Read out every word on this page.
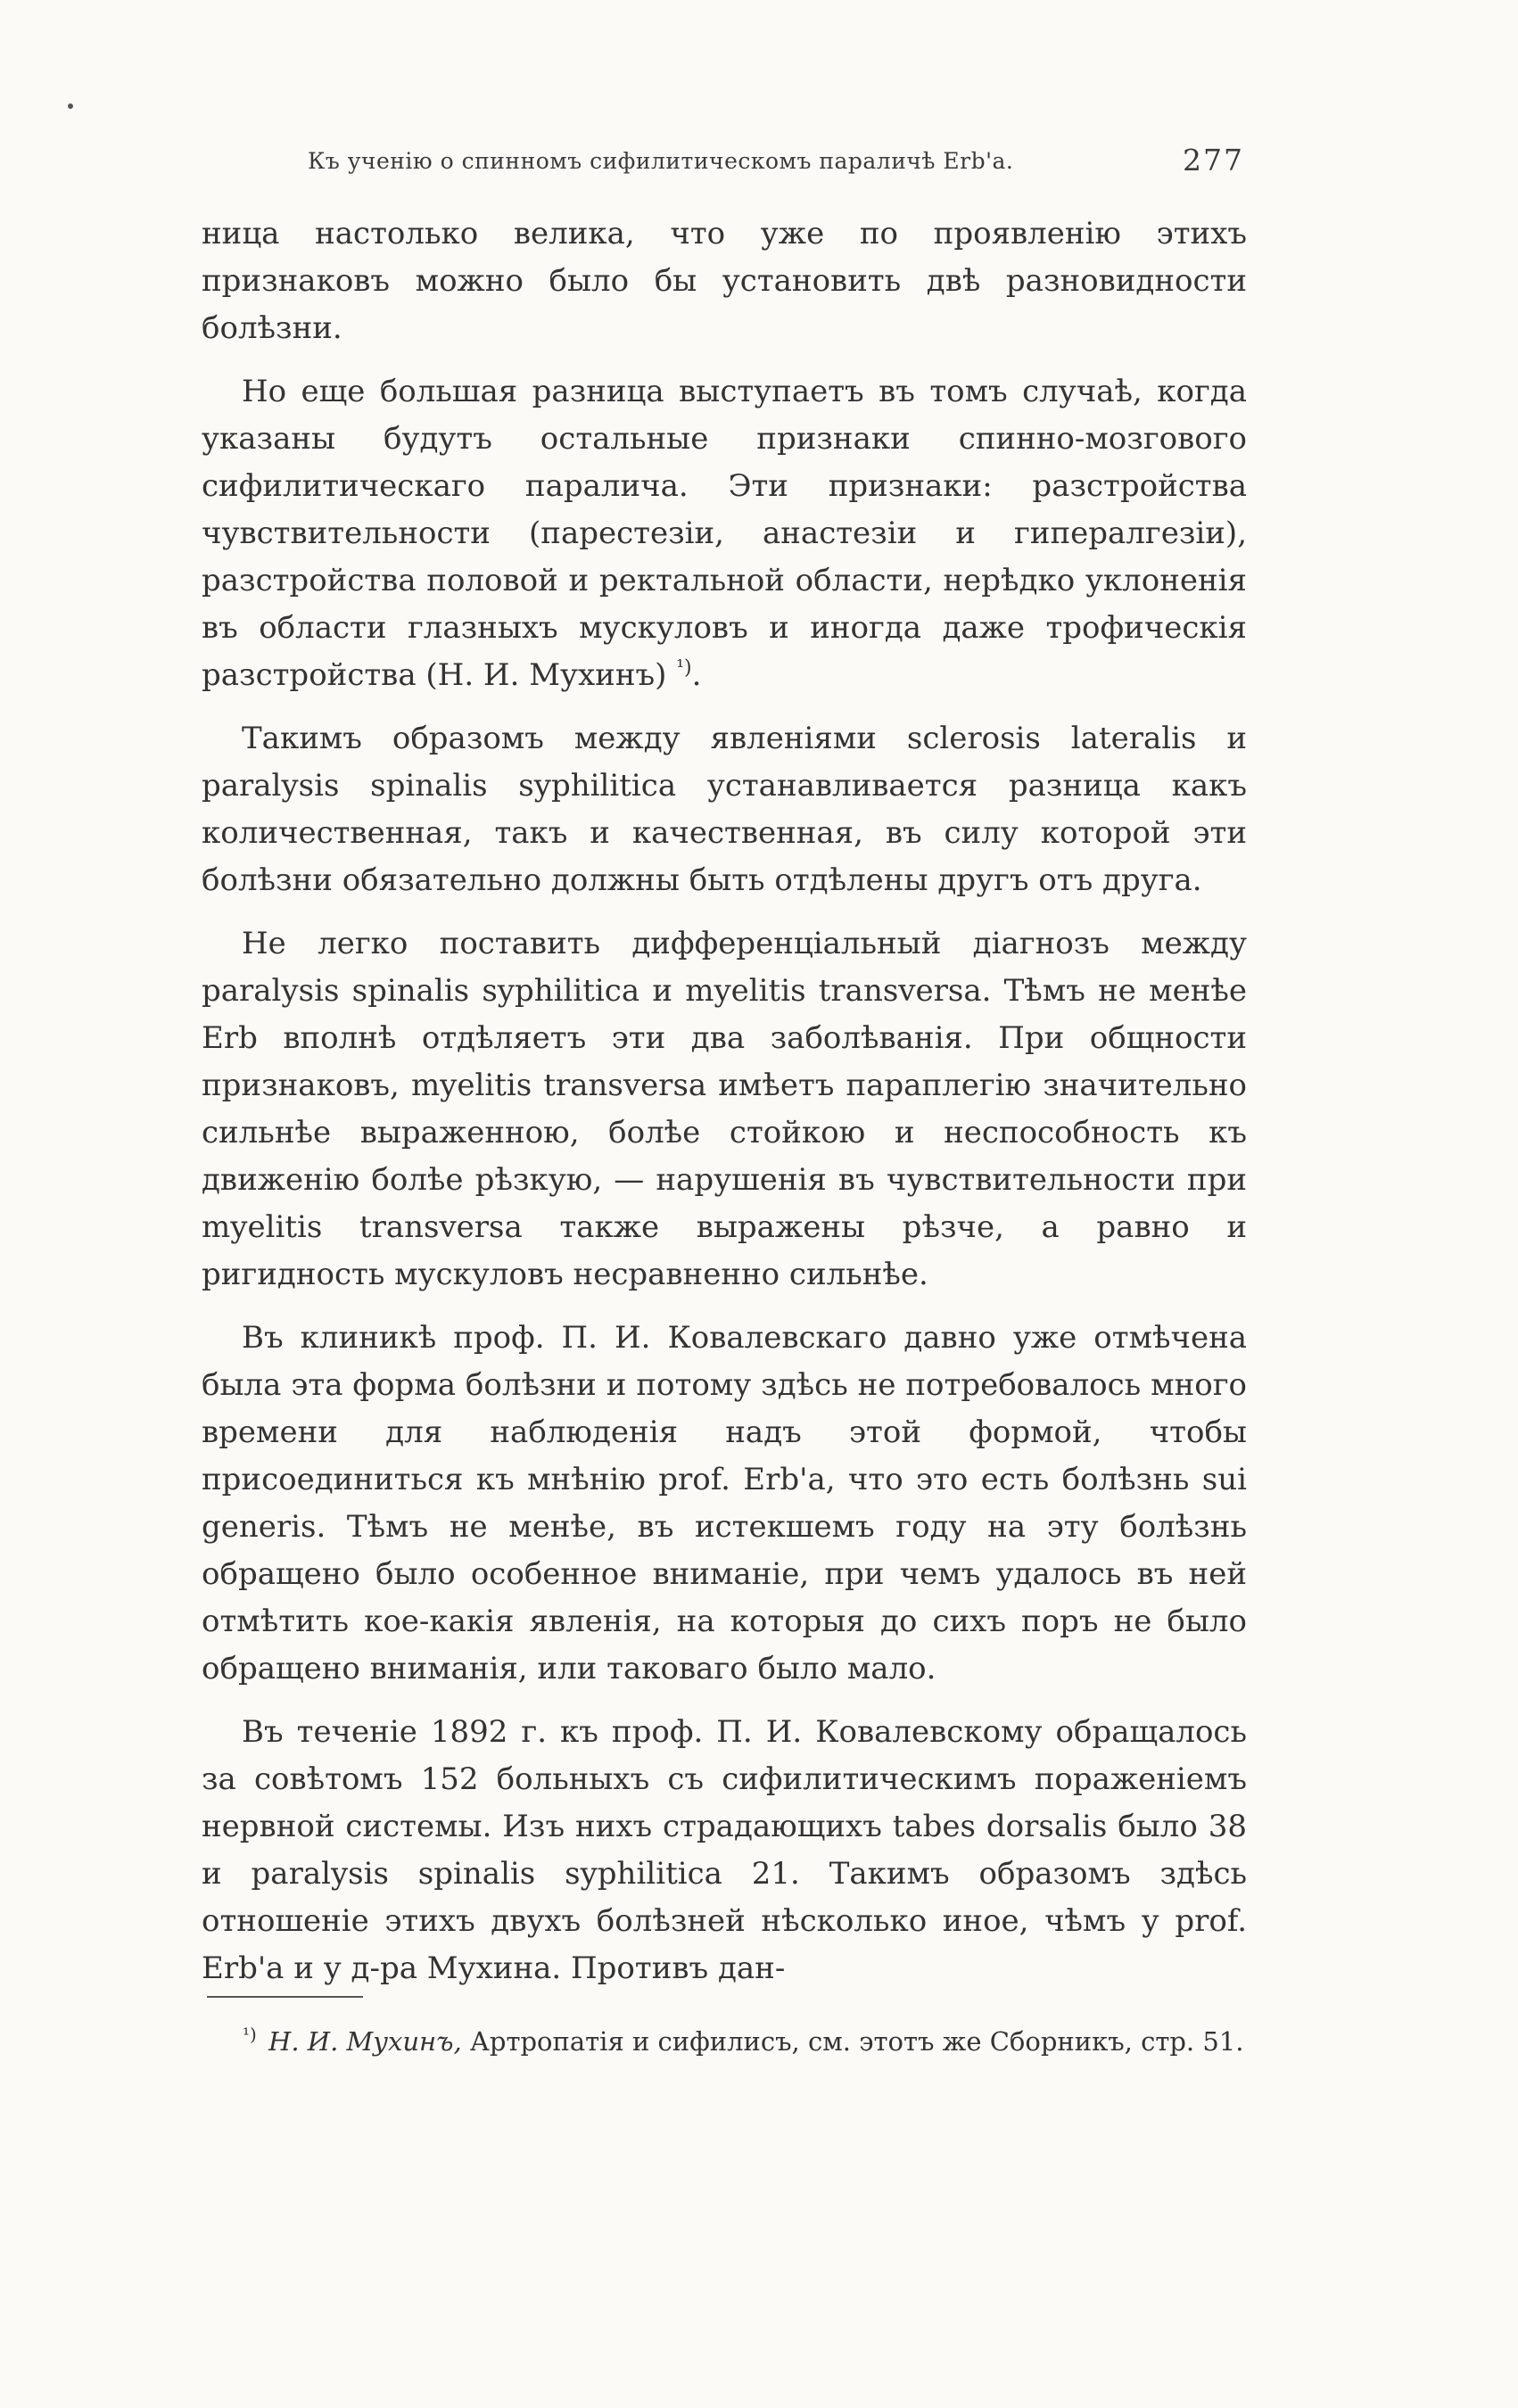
Къ ученію о спинномъ сифилитическомъ параличѣ Erb'a.	277

ница настолько велика, что уже по проявленію этихъ признаковъ можно было бы установить двѣ разновидности болѣзни.

Но еще большая разница выступаетъ въ томъ случаѣ, когда указаны будутъ остальные признаки спинно-мозгового сифилитическаго паралича. Эти признаки: разстройства чувствительности (парестезіи, анастезіи и гипералгезіи), разстройства половой и ректальной области, нерѣдко уклоненія въ области глазныхъ мускуловъ и иногда даже трофическія разстройства (Н. И. Мухинъ) $^{^1)}$.

Такимъ образомъ между явленіями sclerosis lateralis и paralysis spinalis syphilitica устанавливается разница какъ количественная, такъ и качественная, въ силу которой эти болѣзни обязательно должны быть отдѣлены другъ отъ друга.

Не легко поставить дифференціальный діагнозъ между paralysis spinalis syphilitica и myelitis transversa. Тѣмъ не менѣе Erb вполнѣ отдѣляетъ эти два заболѣванія. При общности признаковъ, myelitis transversa имѣетъ параплегію значительно сильнѣе выраженною, болѣе стойкою и неспособность къ движенію болѣе рѣзкую, — нарушенія въ чувствительности при myelitis transversa также выражены рѣзче, а равно и ригидность мускуловъ несравненно сильнѣе.

Въ клиникѣ проф. П. И. Ковалевскаго давно уже отмѣчена была эта форма болѣзни и потому здѣсь не потребовалось много времени для наблюденія надъ этой формой, чтобы присоединиться къ мнѣнію prof. Erb'a, что это есть болѣзнь sui generis. Тѣмъ не менѣе, въ истекшемъ году на эту болѣзнь обращено было особенное вниманіе, при чемъ удалось въ ней отмѣтить кое-какія явленія, на которыя до сихъ поръ не было обращено вниманія, или таковаго было мало.

Въ теченіе 1892 г. къ проф. П. И. Ковалевскому обращалось за совѣтомъ 152 больныхъ съ сифилитическимъ пораженіемъ нервной системы. Изъ нихъ страдающихъ tabes dorsalis было 38 и paralysis spinalis syphilitica 21. Такимъ образомъ здѣсь отношеніе этихъ двухъ болѣзней нѣсколько иное, чѣмъ у prof. Erb'a и у д-ра Мухина. Противъ дан-

$^{^1)}$ Н. И. Мухинъ, Артропатія и сифилисъ, см. этотъ же Сборникъ, стр. 51.
